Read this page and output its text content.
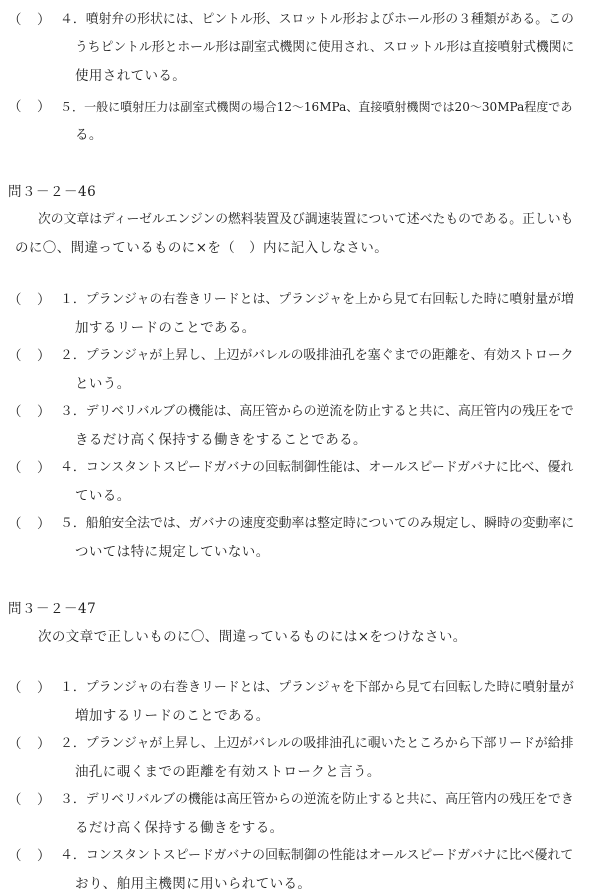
（　） ４．噴射弁の形状には、ピントル形、スロットル形およびホール形の３種類がある。この
うちピントル形とホール形は副室式機関に使用され、スロットル形は直接噴射式機関に
使用されている。
（　） ５．一般に噴射圧力は副室式機関の場合12～16MPa、直接噴射機関では20～30MPa程度であ
る。
問３－２－46
次の文章はディーゼルエンジンの燃料装置及び調速装置について述べたものである。正しいも
のに〇、間違っているものに×を（　）内に記入しなさい。
（　） １．プランジャの右巻きリードとは、プランジャを上から見て右回転した時に噴射量が増
加するリードのことである。
（　） ２．プランジャが上昇し、上辺がバレルの吸排油孔を塞ぐまでの距離を、有効ストローク
という。
（　） ３．デリベリバルブの機能は、高圧管からの逆流を防止すると共に、高圧管内の残圧をで
きるだけ高く保持する働きをすることである。
（　） ４．コンスタントスピードガバナの回転制御性能は、オールスピードガバナに比べ、優れ
ている。
（　） ５．船舶安全法では、ガバナの速度変動率は整定時についてのみ規定し、瞬時の変動率に
ついては特に規定していない。
問３－２－47
次の文章で正しいものに〇、間違っているものには×をつけなさい。
（　） １．プランジャの右巻きリードとは、プランジャを下部から見て右回転した時に噴射量が
増加するリードのことである。
（　） ２．プランジャが上昇し、上辺がバレルの吸排油孔に覗いたところから下部リードが給排
油孔に覗くまでの距離を有効ストロークと言う。
（　） ３．デリベリバルブの機能は高圧管からの逆流を防止すると共に、高圧管内の残圧をでき
るだけ高く保持する働きをする。
（　） ４．コンスタントスピードガバナの回転制御の性能はオールスピードガバナに比べ優れて
おり、舶用主機関に用いられている。
